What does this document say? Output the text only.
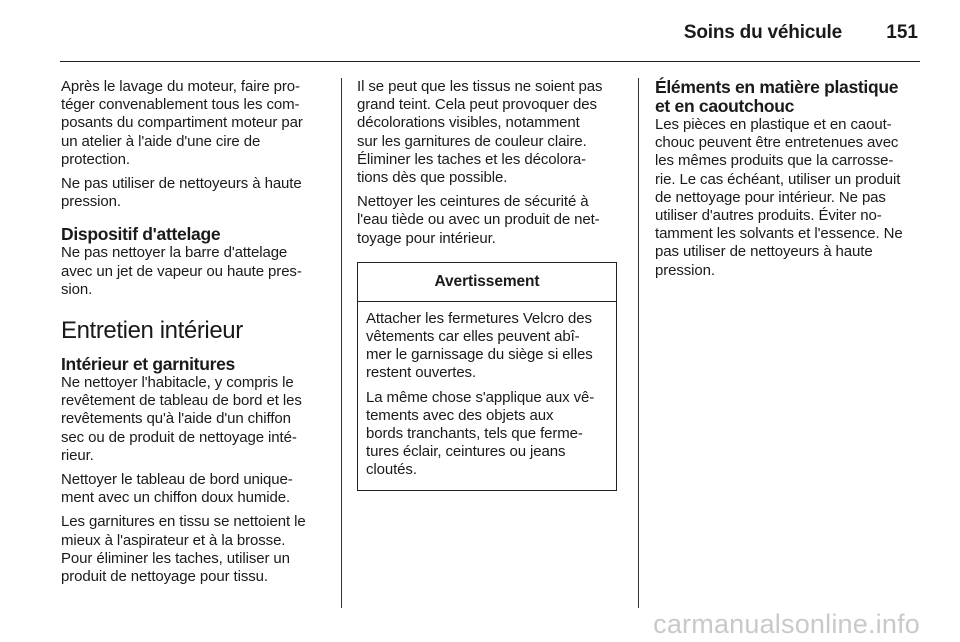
Soins du véhicule 151

Après le lavage du moteur, faire pro-
téger convenablement tous les com-
posants du compartiment moteur par
un atelier à l'aide d'une cire de
protection.

Ne pas utiliser de nettoyeurs à haute
pression.

Dispositif d'attelage

Ne pas nettoyer la barre d'attelage
avec un jet de vapeur ou haute pres-
sion.

Entretien intérieur
Intérieur et garnitures

Ne nettoyer l'habitacle, y compris le
revêtement de tableau de bord et les
revêtements qu'à l'aide d'un chiffon
sec ou de produit de nettoyage inté-
rieur.

Nettoyer le tableau de bord unique-
ment avec un chiffon doux humide.

Les garnitures en tissu se nettoient le
mieux à l'aspirateur et à la brosse.
Pour éliminer les taches, utiliser un
produit de nettoyage pour tissu.

Il se peut que les tissus ne soient pas
grand teint. Cela peut provoquer des
décolorations visibles, notamment
sur les garnitures de couleur claire.
Éliminer les taches et les décolora-
tions dès que possible.

Nettoyer les ceintures de sécurité à
l'eau tiède ou avec un produit de net-
toyage pour intérieur.

Avertissement

Attacher les fermetures Velcro des
vêtements car elles peuvent abî-
mer le garnissage du siège si elles
restent ouvertes.

La même chose s'applique aux vê-
tements avec des objets aux
bords tranchants, tels que ferme-
tures éclair, ceintures ou jeans
cloutés.

Éléments en matière plastique
et en caoutchouc

Les pièces en plastique et en caout-
chouc peuvent être entretenues avec
les mêmes produits que la carrosse-
rie. Le cas échéant, utiliser un produit
de nettoyage pour intérieur. Ne pas
utiliser d'autres produits. Éviter no-
tamment les solvants et l'essence. Ne
pas utiliser de nettoyeurs à haute
pression.

carmanualsonline.info
